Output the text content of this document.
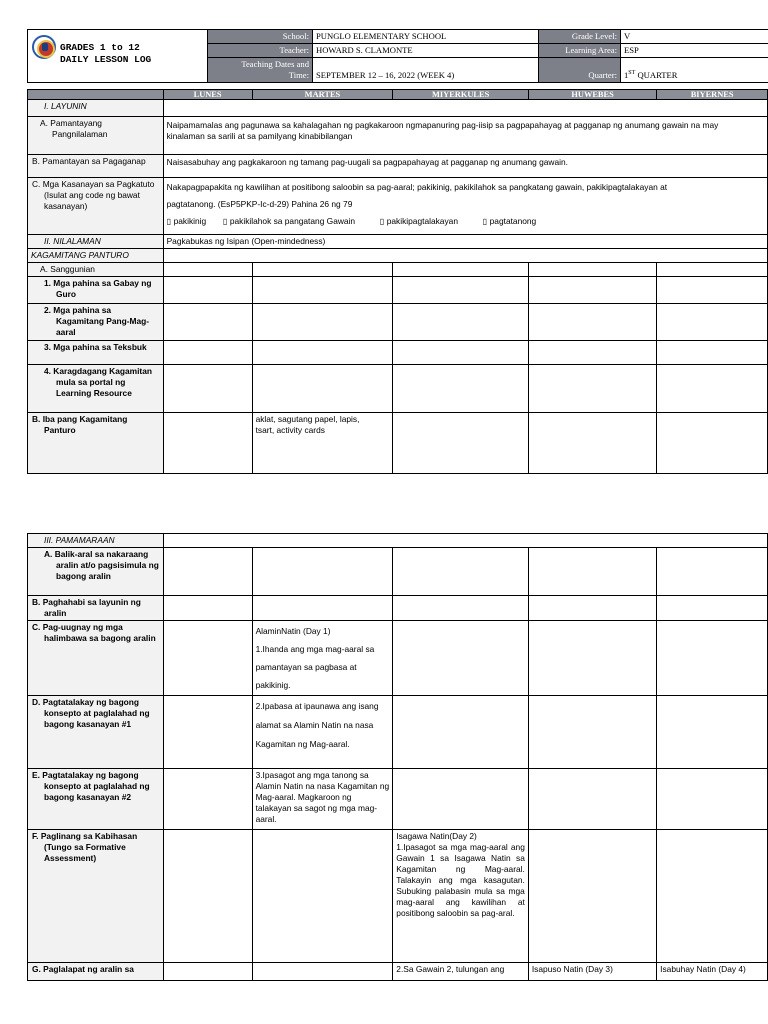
GRADES 1 to 12
DAILY LESSON LOG	School:	PUNGLO ELEMENTARY SCHOOL	Grade Level:	V
	Teacher:	HOWARD S. CLAMONTE	Learning Area:	ESP

	Teaching Dates and
Time:	SEPTEMBER 12 – 16, 2022 (WEEK 4)	Quarter:	1ST QUARTER
	LUNES	MARTES	MIYERKULES	HUWEBES	BIYERNES
I. LAYUNIN					
A. Pamantayang Pangnilalaman	Naipamamalas ang pagunawa sa kahalagahan ng pagkakaroon ngmapanuring pag-iisip sa pagpapahayag at pagganap ng anumang gawain na may
kinalaman sa sarili at sa pamilyang kinabibilangan				

B. Pamantayan sa Pagaganap	Naisasabuhay ang pagkakaroon ng tamang pag-uugali sa pagpapahayag at pagganap ng anumang gawain.				
C. Mga Kasanayan sa Pagkatuto (Isulat ang code ng bawat kasanayan)	Nakapagpapakita ng kawilihan at positibong saloobin sa pag-aaral; pakikinig, pakikilahok sa pangkatang gawain, pakikipagtalakayan at
pagtatanong. (EsP5PKP-Ic-d-29) Pahina 26 ng 79
▯ pakikinig ▯ pakikilahok sa pangatang Gawain ▯ pakikipagtalakayan ▯ pagtatanong				

II. NILALAMAN	Pagkabukas ng Isipan (Open-mindedness)				
KAGAMITANG PANTURO					
A. Sanggunian					
1. Mga pahina sa Gabay ng Guro					
2. Mga pahina sa Kagamitang Pang-Mag-aaral					
3. Mga pahina sa Teksbuk					
4. Karagdagang Kagamitan mula sa portal ng Learning Resource					
B. Iba pang Kagamitang Panturo		aklat, sagutang papel, lapis,
tsart, activity cards			

III. PAMAMARAAN					
A. Balik-aral sa nakaraang aralin at/o pagsisimula ng bagong aralin					
B. Paghahabi sa layunin ng aralin					
C. Pag-uugnay ng mga halimbawa sa bagong aralin		AlaminNatin (Day 1)
1.Ihanda ang mga mag-aaral sa pamantayan sa pagbasa at pakikinig.			

D. Pagtatalakay ng bagong konsepto at paglalahad ng bagong kasanayan #1		2.Ipabasa at ipaunawa ang isang alamat sa Alamin Natin na nasa Kagamitan ng Mag-aaral.			
E. Pagtatalakay ng bagong konsepto at paglalahad ng bagong kasanayan #2		3.Ipasagot ang mga tanong sa Alamin Natin na nasa Kagamitan ng Mag-aaral. Magkaroon ng talakayan sa sagot ng mga mag-aaral.			
F. Paglinang sa Kabihasan (Tungo sa Formative Assessment)			Isagawa Natin(Day 2)
1.Ipasagot sa mga mag-aaral ang Gawain 1 sa Isagawa Natin sa Kagamitan ng Mag-aaral. Talakayin ang mga kasagutan. Subuking palabasin mula sa mga mag-aaral ang kawilihan at positibong saloobin sa pag-aral.		

G. Paglalapat ng aralin sa			2.Sa Gawain 2, tulungan ang	Isapuso Natin (Day 3)	Isabuhay Natin (Day 4)
